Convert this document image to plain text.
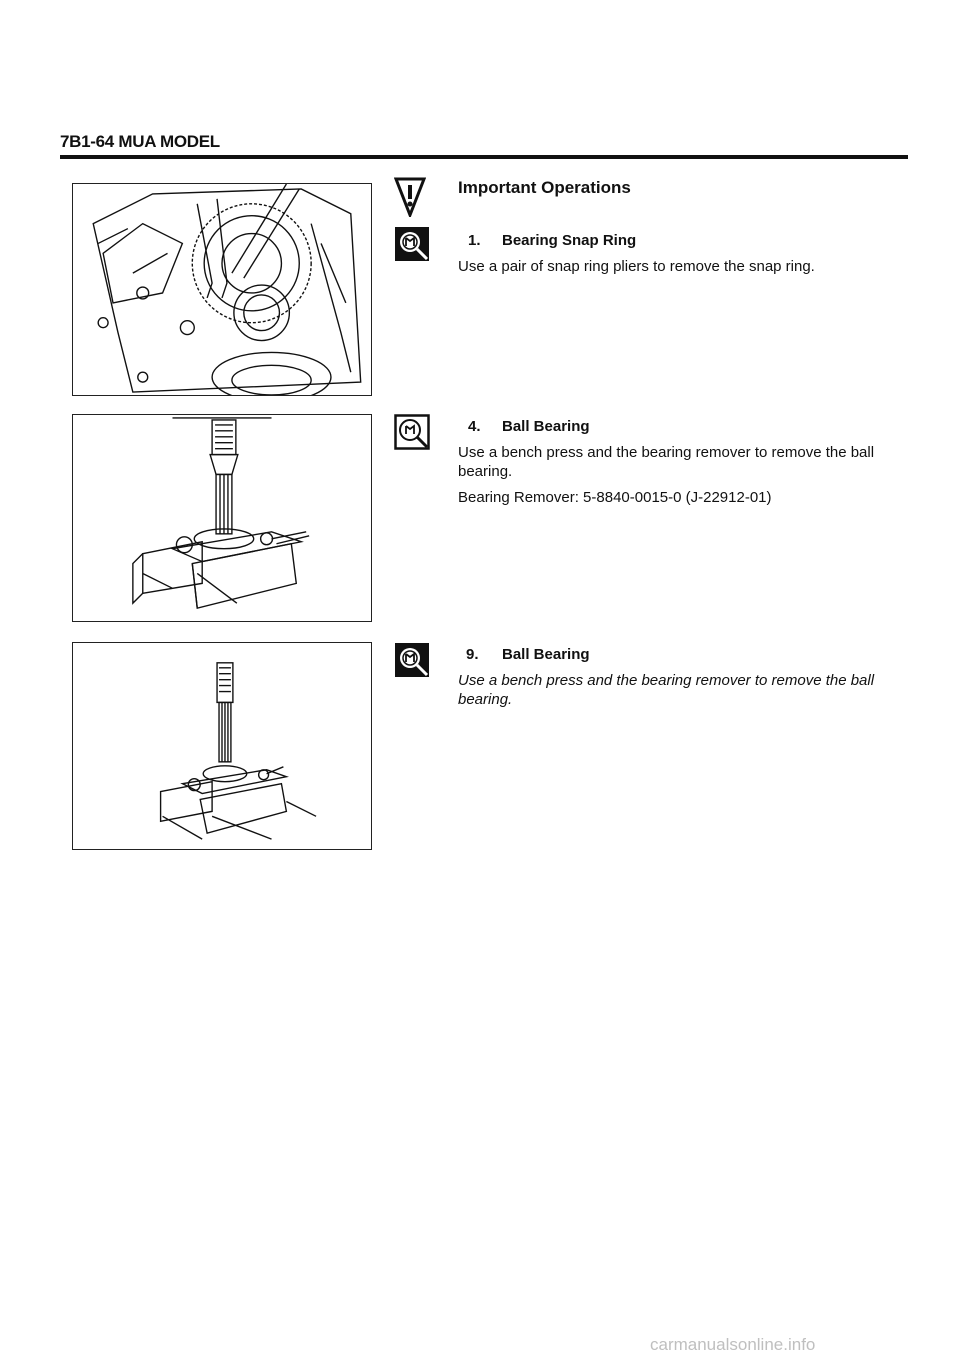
7B1-64 MUA MODEL
Important Operations
1. Bearing Snap Ring
Use a pair of snap ring pliers to remove the snap ring.
4. Ball Bearing
Use a bench press and the bearing remover to remove the ball bearing.
Bearing Remover: 5-8840-0015-0 (J-22912-01)
9. Ball Bearing
Use a bench press and the bearing remover to remove the ball bearing.
carmanualsonline.info
